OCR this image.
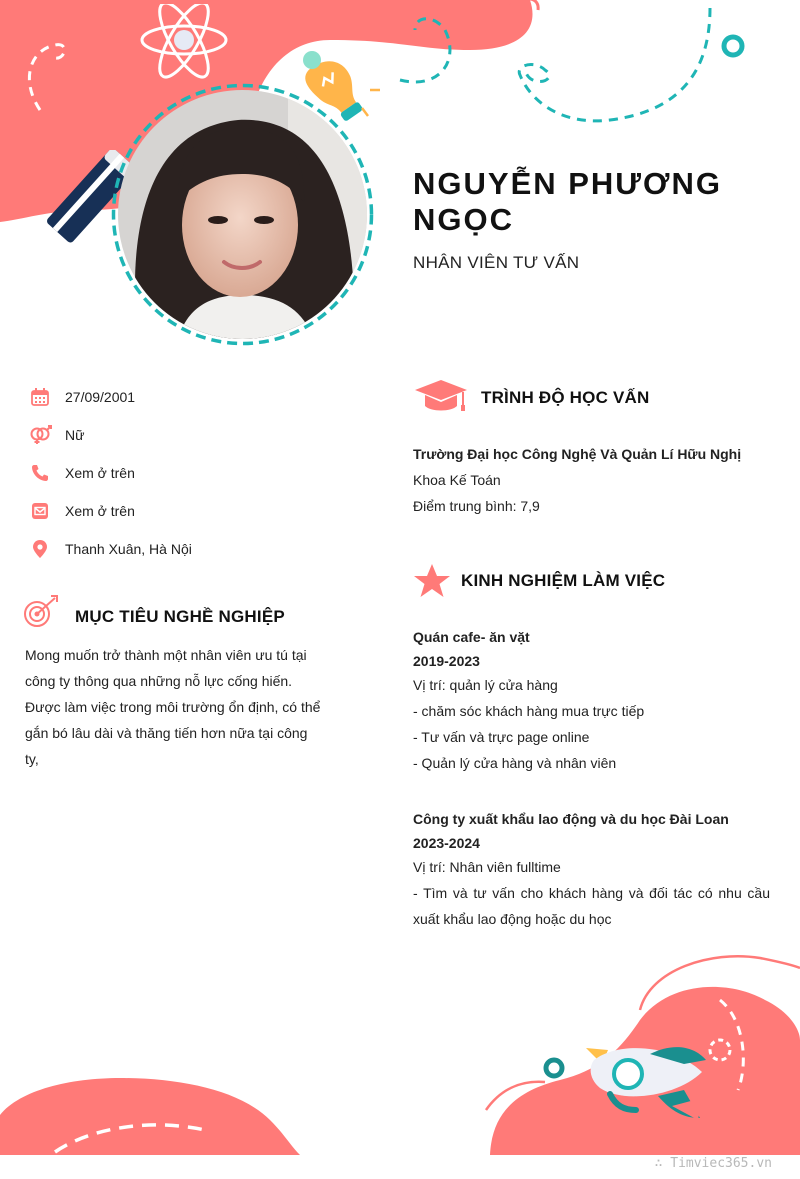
NGUYỄN PHƯƠNG NGỌC
NHÂN VIÊN TƯ VẤN
27/09/2001
Nữ
Xem ở trên
Xem ở trên
Thanh Xuân, Hà Nội
MỤC TIÊU NGHỀ NGHIỆP
Mong muốn trở thành một nhân viên ưu tú tại
công ty thông qua những nỗ lực cống hiến.
Được làm việc trong môi trường ổn định, có thể
gắn bó lâu dài và thăng tiến hơn nữa tại công
ty,
TRÌNH ĐỘ HỌC VẤN
Trường Đại học Công Nghệ Và Quản Lí Hữu Nghị
Khoa Kế Toán
Điểm trung bình: 7,9
KINH NGHIỆM LÀM VIỆC
Quán cafe- ăn vặt
2019-2023
Vị trí: quản lý cửa hàng
- chăm sóc khách hàng mua trực tiếp
- Tư vấn và trực page online
- Quản lý cửa hàng và nhân viên
Công ty xuất khẩu lao động và du học Đài Loan
2023-2024
Vị trí: Nhân viên fulltime
- Tìm và tư vấn cho khách hàng và đối tác có nhu cầu
xuất khẩu lao động hoặc du học
∴ Timviec365.vn
